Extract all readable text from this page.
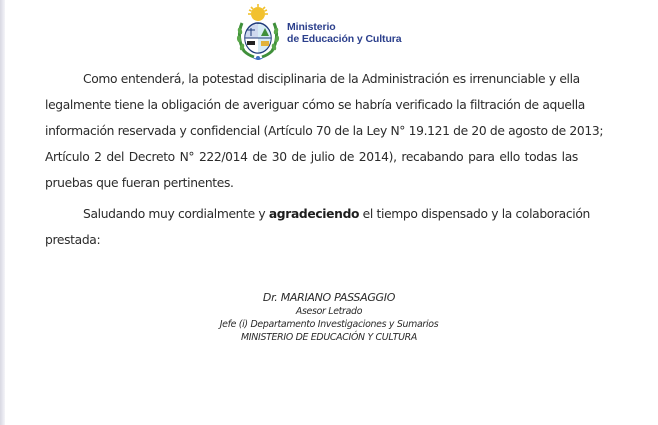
Ministerio
de Educación y Cultura
Como entenderá, la potestad disciplinaria de la Administración es irrenunciable y ella
legalmente tiene la obligación de averiguar cómo se habría verificado la filtración de aquella
información reservada y confidencial (Artículo 70 de la Ley N° 19.121 de 20 de agosto de 2013;
Artículo 2 del Decreto N° 222/014 de 30 de julio de 2014), recabando para ello todas las
pruebas que fueran pertinentes.
Saludando muy cordialmente y agradeciendo el tiempo dispensado y la colaboración
prestada:
Dr. MARIANO PASSAGGIO
Asesor Letrado
Jefe (i) Departamento Investigaciones y Sumarios
MINISTERIO DE EDUCACIÓN Y CULTURA
